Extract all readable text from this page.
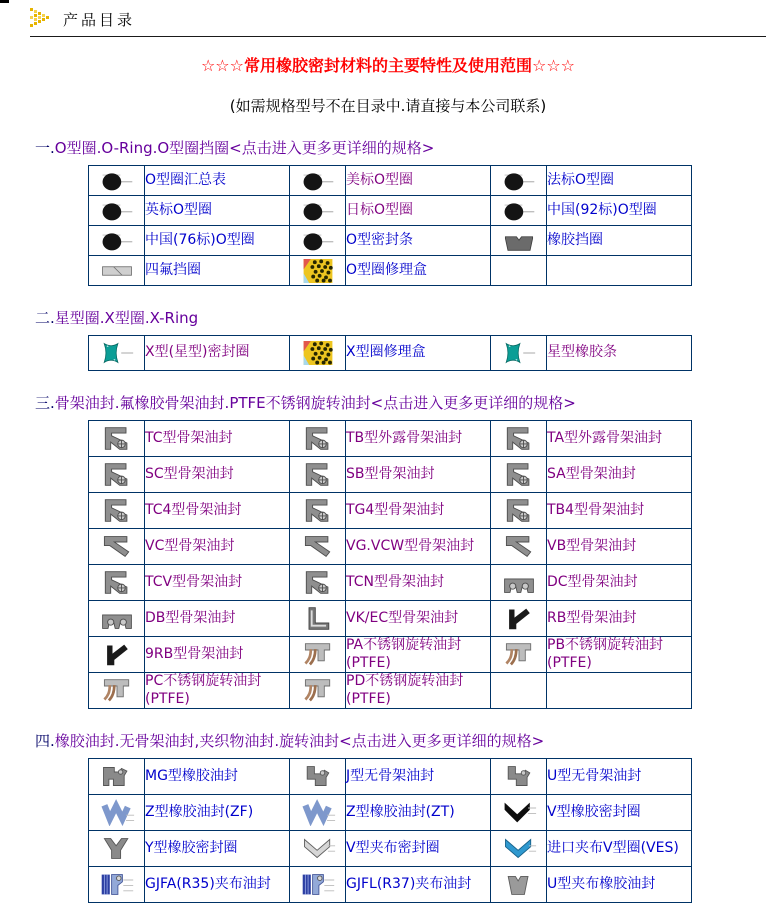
产品目录
☆☆☆常用橡胶密封材料的主要特性及使用范围☆☆☆
(如需规格型号不在目录中.请直接与本公司联系)
一.O型圈.O-Ring.O型圈挡圈<点击进入更多更详细的规格>
	O型圈汇总表		美标O型圈		法标O型圈
	英标O型圈		日标O型圈		中国(92标)O型圈
	中国(76标)O型圈		O型密封条		橡胶挡圈
	四氟挡圈		O型圈修理盒		
二.星型圈.X型圈.X-Ring
	X型(星型)密封圈		X型圈修理盒		星型橡胶条
三.骨架油封.氟橡胶骨架油封.PTFE不锈钢旋转油封<点击进入更多更详细的规格>
	TC型骨架油封		TB型外露骨架油封		TA型外露骨架油封
	SC型骨架油封		SB型骨架油封		SA型骨架油封
	TC4型骨架油封		TG4型骨架油封		TB4型骨架油封
	VC型骨架油封		VG.VCW型骨架油封		VB型骨架油封
	TCV型骨架油封		TCN型骨架油封		DC型骨架油封
	DB型骨架油封		VK/EC型骨架油封		RB型骨架油封
	9RB型骨架油封		PA不锈钢旋转油封(PTFE)		PB不锈钢旋转油封(PTFE)
	PC不锈钢旋转油封(PTFE)		PD不锈钢旋转油封(PTFE)		
四.橡胶油封.无骨架油封,夹织物油封.旋转油封<点击进入更多更详细的规格>
	MG型橡胶油封		J型无骨架油封		U型无骨架油封
	Z型橡胶油封(ZF)		Z型橡胶油封(ZT)		V型橡胶密封圈
	Y型橡胶密封圈		V型夹布密封圈		进口夹布V型圈(VES)
	GJFA(R35)夹布油封		GJFL(R37)夹布油封		U型夹布橡胶油封
